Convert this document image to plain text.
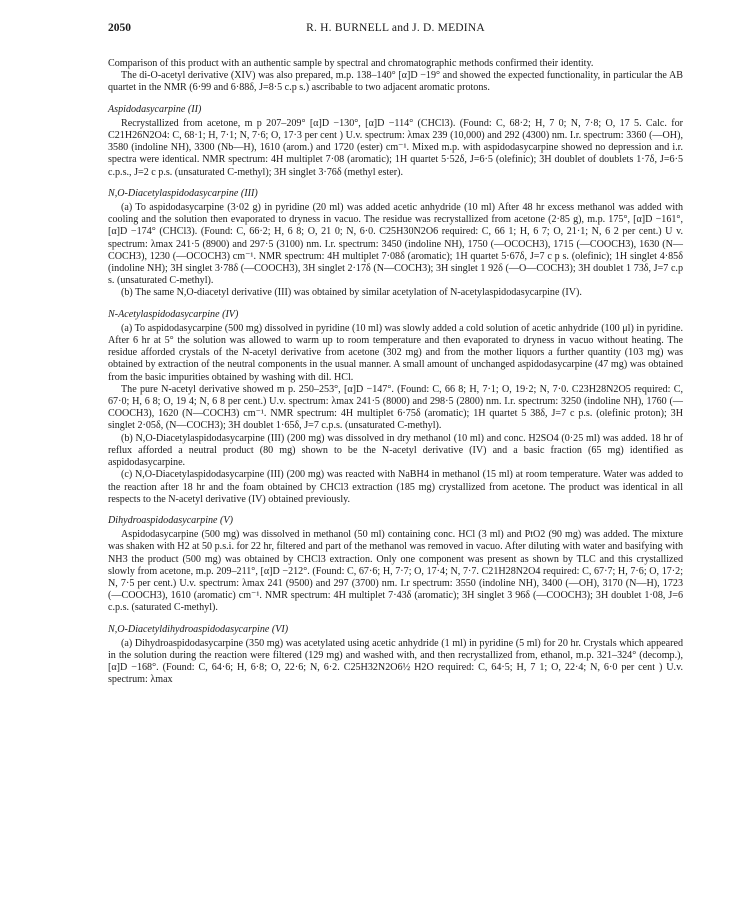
2050	R. H. BURNELL and J. D. MEDINA

Comparison of this product with an authentic sample by spectral and chromatographic methods confirmed their identity.

The di-O-acetyl derivative (XIV) was also prepared, m.p. 138–140° [α]D −19° and showed the expected functionality, in particular the AB quartet in the NMR (6·99 and 6·88δ, J=8·5 c.p s.) ascribable to two adjacent aromatic protons.

Aspidodasycarpine (II)

Recrystallized from acetone, m p 207–209° [α]D −130°, [α]D −114° (CHCl3). (Found: C, 68·2; H, 7 0; N, 7·8; O, 17 5. Calc. for C21H26N2O4: C, 68·1; H, 7·1; N, 7·6; O, 17·3 per cent ) U.v. spectrum: λmax 239 (10,000) and 292 (4300) nm. I.r. spectrum: 3360 (—OH), 3580 (indoline NH), 3300 (Nb—H), 1610 (arom.) and 1720 (ester) cm⁻¹. Mixed m.p. with aspidodasycarpine showed no depression and i.r. spectra were identical. NMR spectrum: 4H multiplet 7·08 (aromatic); 1H quartet 5·52δ, J=6·5 (olefinic); 3H doublet of doublets 1·7δ, J=6·5 c.p.s., J=2 c p.s. (unsaturated C-methyl); 3H singlet 3·76δ (methyl ester).

N,O-Diacetylaspidodasycarpine (III)

(a) To aspidodasycarpine (3·02 g) in pyridine (20 ml) was added acetic anhydride (10 ml) After 48 hr excess methanol was added with cooling and the solution then evaporated to dryness in vacuo. The residue was recrystallized from acetone (2·85 g), m.p. 175°, [α]D −161°, [α]D −174° (CHCl3). (Found: C, 66·2; H, 6 8; O, 21 0; N, 6·0. C25H30N2O6 required: C, 66 1; H, 6 7; O, 21·1; N, 6 2 per cent.) U v. spectrum: λmax 241·5 (8900) and 297·5 (3100) nm. I.r. spectrum: 3450 (indoline NH), 1750 (—OCOCH3), 1715 (—COOCH3), 1630 (N—COCH3), 1230 (—OCOCH3) cm⁻¹. NMR spectrum: 4H multiplet 7·08δ (aromatic); 1H quartet 5·67δ, J=7 c p s. (olefinic); 1H singlet 4·85δ (indoline NH); 3H singlet 3·78δ (—COOCH3), 3H singlet 2·17δ (N—COCH3); 3H singlet 1 92δ (—O—COCH3); 3H doublet 1 73δ, J=7 c.p s. (unsaturated C-methyl).

(b) The same N,O-diacetyl derivative (III) was obtained by similar acetylation of N-acetylaspidodasycarpine (IV).

N-Acetylaspidodasycarpine (IV)

(a) To aspidodasycarpine (500 mg) dissolved in pyridine (10 ml) was slowly added a cold solution of acetic anhydride (100 μl) in pyridine. After 6 hr at 5° the solution was allowed to warm up to room temperature and then evaporated to dryness in vacuo without heating. The residue afforded crystals of the N-acetyl derivative from acetone (302 mg) and from the mother liquors a further quantity (103 mg) was obtained by extraction of the neutral components in the usual manner. A small amount of unchanged aspidodasycarpine (47 mg) was obtained from the basic impurities obtained by washing with dil. HCl.

The pure N-acetyl derivative showed m p. 250–253°, [α]D −147°. (Found: C, 66 8; H, 7·1; O, 19·2; N, 7·0. C23H28N2O5 required: C, 67·0; H, 6 8; O, 19 4; N, 6 8 per cent.) U.v. spectrum: λmax 241·5 (8000) and 298·5 (2800) nm. I.r. spectrum: 3250 (indoline NH), 1760 (—COOCH3), 1620 (N—COCH3) cm⁻¹. NMR spectrum: 4H multiplet 6·75δ (aromatic); 1H quartet 5 38δ, J=7 c p.s. (olefinic proton); 3H singlet 2·05δ, (N—COCH3); 3H doublet 1·65δ, J=7 c.p.s. (unsaturated C-methyl).

(b) N,O-Diacetylaspidodasycarpine (III) (200 mg) was dissolved in dry methanol (10 ml) and conc. H2SO4 (0·25 ml) was added. 18 hr of reflux afforded a neutral product (80 mg) shown to be the N-acetyl derivative (IV) and a basic fraction (65 mg) identified as aspidodasycarpine.

(c) N,O-Diacetylaspidodasycarpine (III) (200 mg) was reacted with NaBH4 in methanol (15 ml) at room temperature. Water was added to the reaction after 18 hr and the foam obtained by CHCl3 extraction (185 mg) crystallized from acetone. The product was identical in all respects to the N-acetyl derivative (IV) obtained previously.

Dihydroaspidodasycarpine (V)

Aspidodasycarpine (500 mg) was dissolved in methanol (50 ml) containing conc. HCl (3 ml) and PtO2 (90 mg) was added. The mixture was shaken with H2 at 50 p.s.i. for 22 hr, filtered and part of the methanol was removed in vacuo. After diluting with water and basifying with NH3 the product (500 mg) was obtained by CHCl3 extraction. Only one component was present as shown by TLC and this crystallized slowly from acetone, m.p. 209–211°, [α]D −212°. (Found: C, 67·6; H, 7·7; O, 17·4; N, 7·7. C21H28N2O4 required: C, 67·7; H, 7·6; O, 17·2; N, 7·5 per cent.) U.v. spectrum: λmax 241 (9500) and 297 (3700) nm. I.r spectrum: 3550 (indoline NH), 3400 (—OH), 3170 (N—H), 1723 (—COOCH3), 1610 (aromatic) cm⁻¹. NMR spectrum: 4H multiplet 7·43δ (aromatic); 3H singlet 3 96δ (—COOCH3); 3H doublet 1·08, J=6 c.p.s. (saturated C-methyl).

N,O-Diacetyldihydroaspidodasycarpine (VI)

(a) Dihydroaspidodasycarpine (350 mg) was acetylated using acetic anhydride (1 ml) in pyridine (5 ml) for 20 hr. Crystals which appeared in the solution during the reaction were filtered (129 mg) and washed with, and then recrystallized from, ethanol, m.p. 321–324° (decomp.), [α]D −168°. (Found: C, 64·6; H, 6·8; O, 22·6; N, 6·2. C25H32N2O6½ H2O required: C, 64·5; H, 7 1; O, 22·4; N, 6·0 per cent ) U.v. spectrum: λmax
